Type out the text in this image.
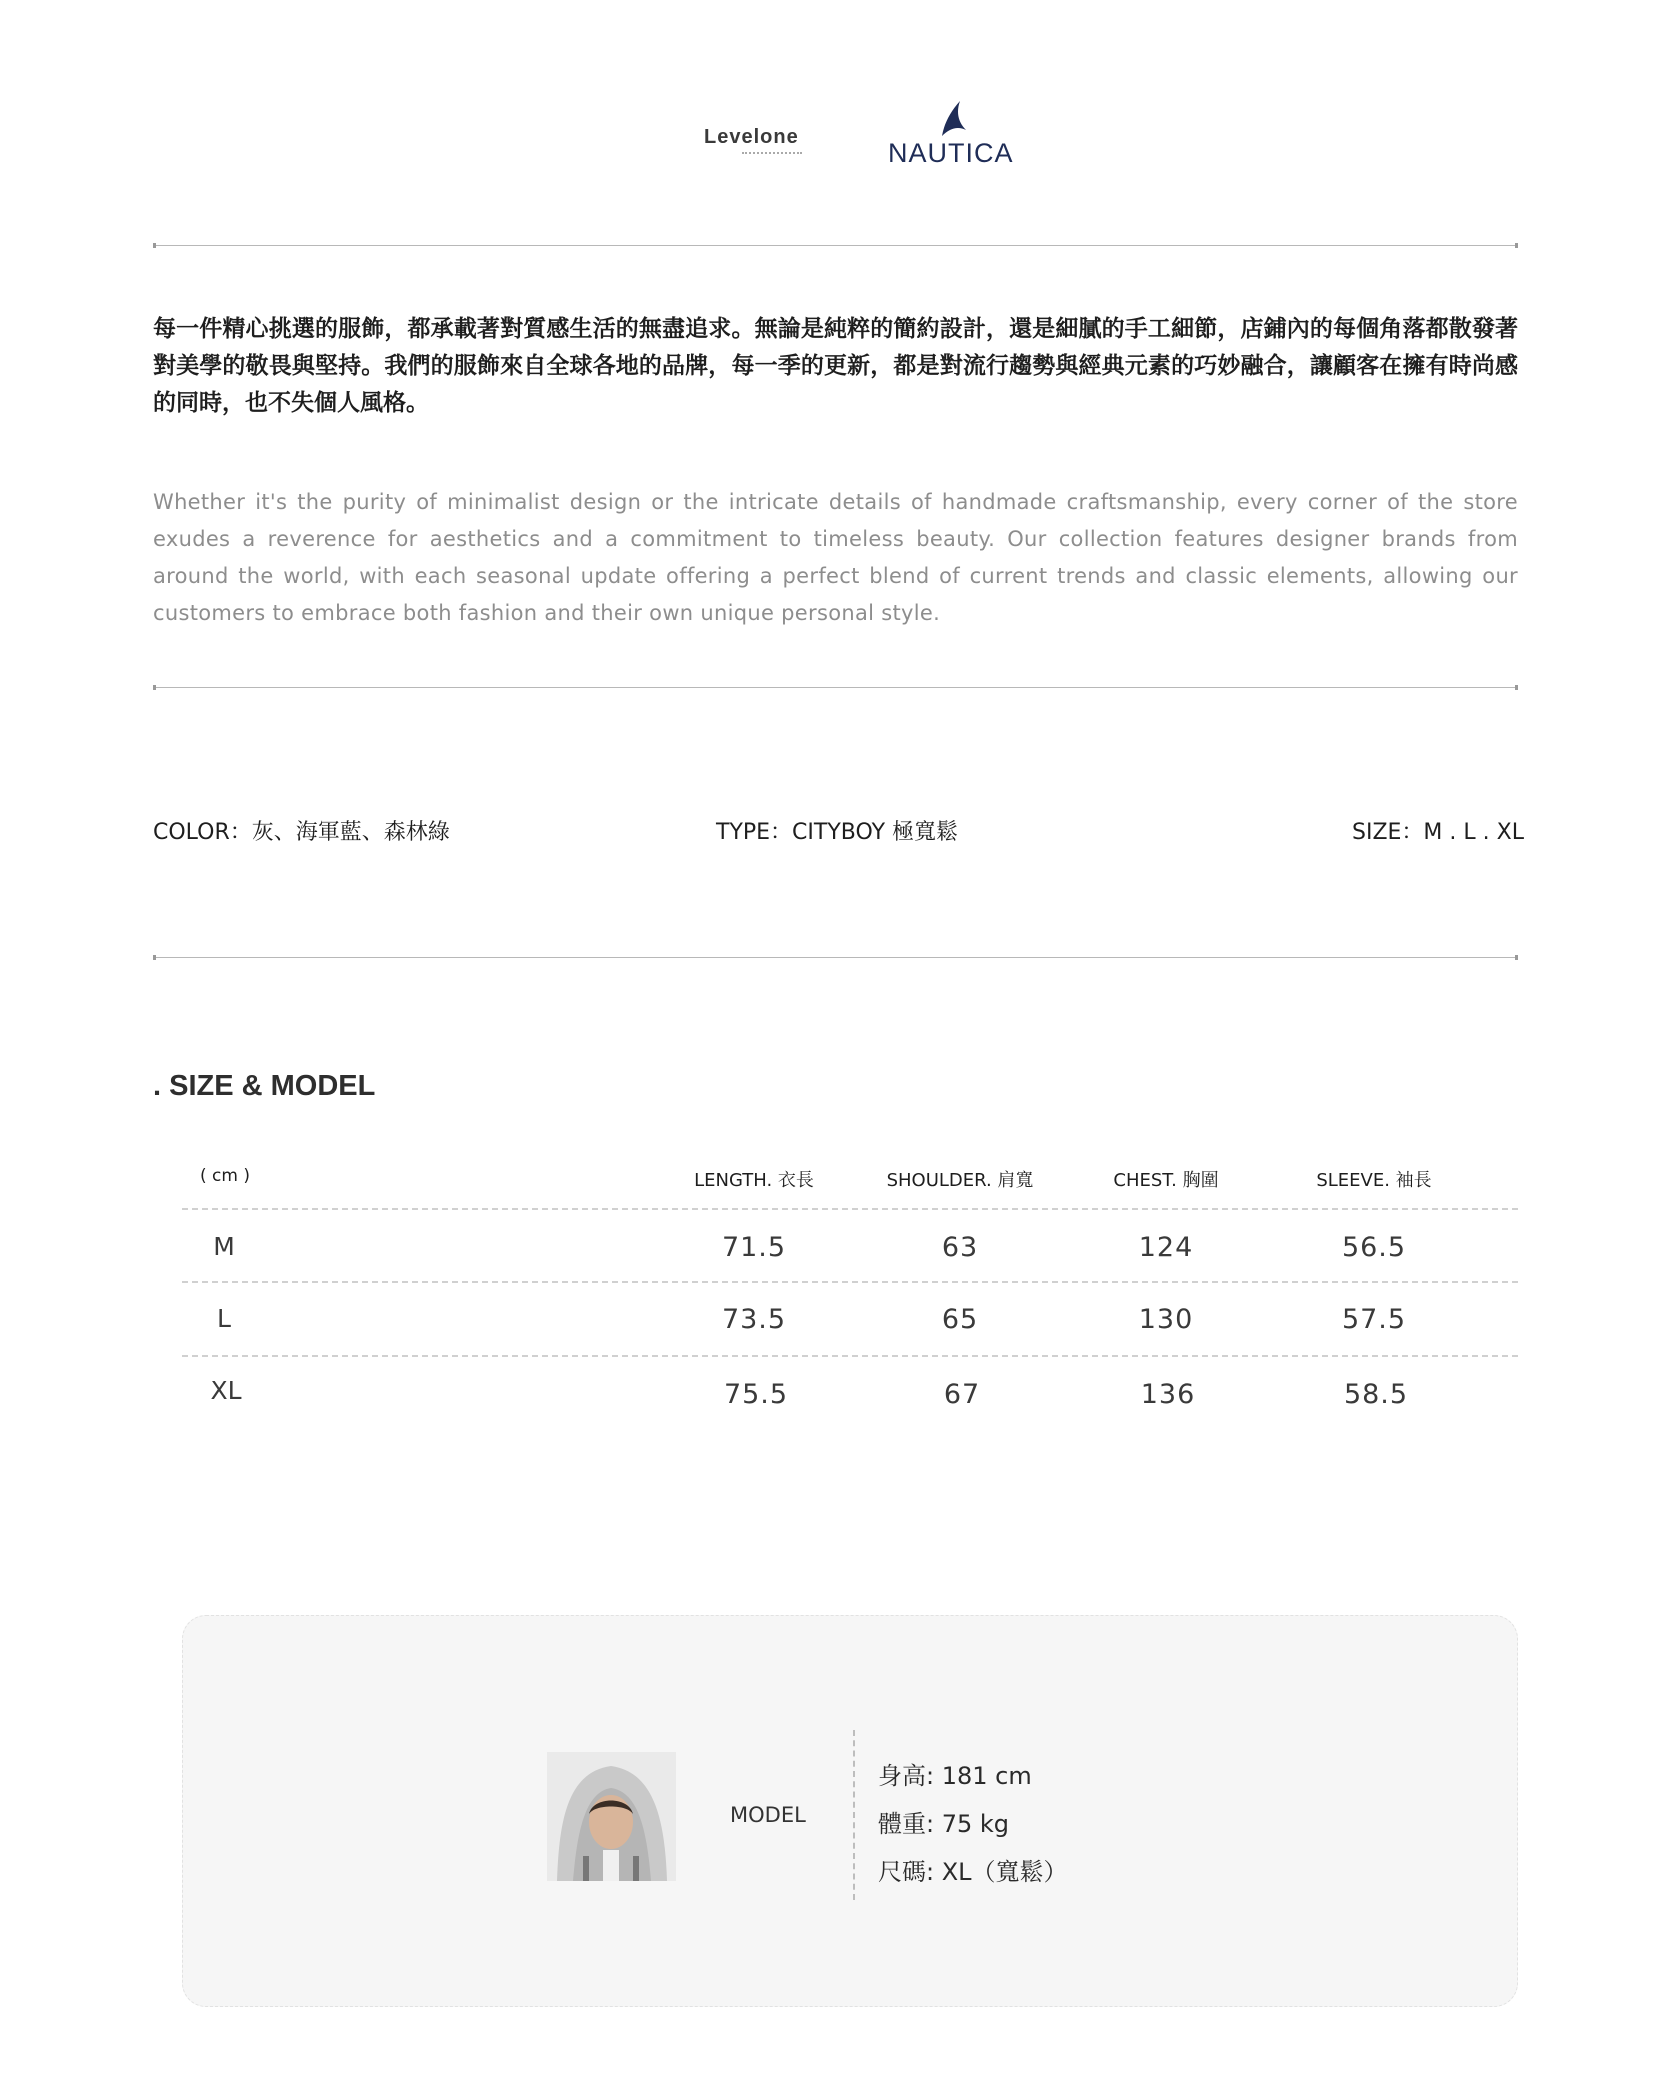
Levelone
NAUTICA
每一件精心挑選的服飾，都承載著對質感生活的無盡追求。無論是純粹的簡約設計，還是細膩的手工細節，店鋪內的每個角落都散發著對美學的敬畏與堅持。我們的服飾來自全球各地的品牌，每一季的更新，都是對流行趨勢與經典元素的巧妙融合，讓顧客在擁有時尚感的同時，也不失個人風格。
Whether it's the purity of minimalist design or the intricate details of handmade craftsmanship, every corner of the store exudes a reverence for aesthetics and a commitment to timeless beauty. Our collection features designer brands from around the world, with each seasonal update offering a perfect blend of current trends and classic elements, allowing our customers to embrace both fashion and their own unique personal style.
COLOR：灰、海軍藍、森林綠	TYPE：CITYBOY 極寬鬆	SIZE：M . L . XL
. SIZE & MODEL
( cm )	LENGTH. 衣長	SHOULDER. 肩寬	CHEST. 胸圍	SLEEVE. 袖長
M	71.5	63	124	56.5
L	73.5	65	130	57.5
XL	75.5	67	136	58.5
MODEL
身高: 181 cm
體重: 75 kg
尺碼: XL（寬鬆）
